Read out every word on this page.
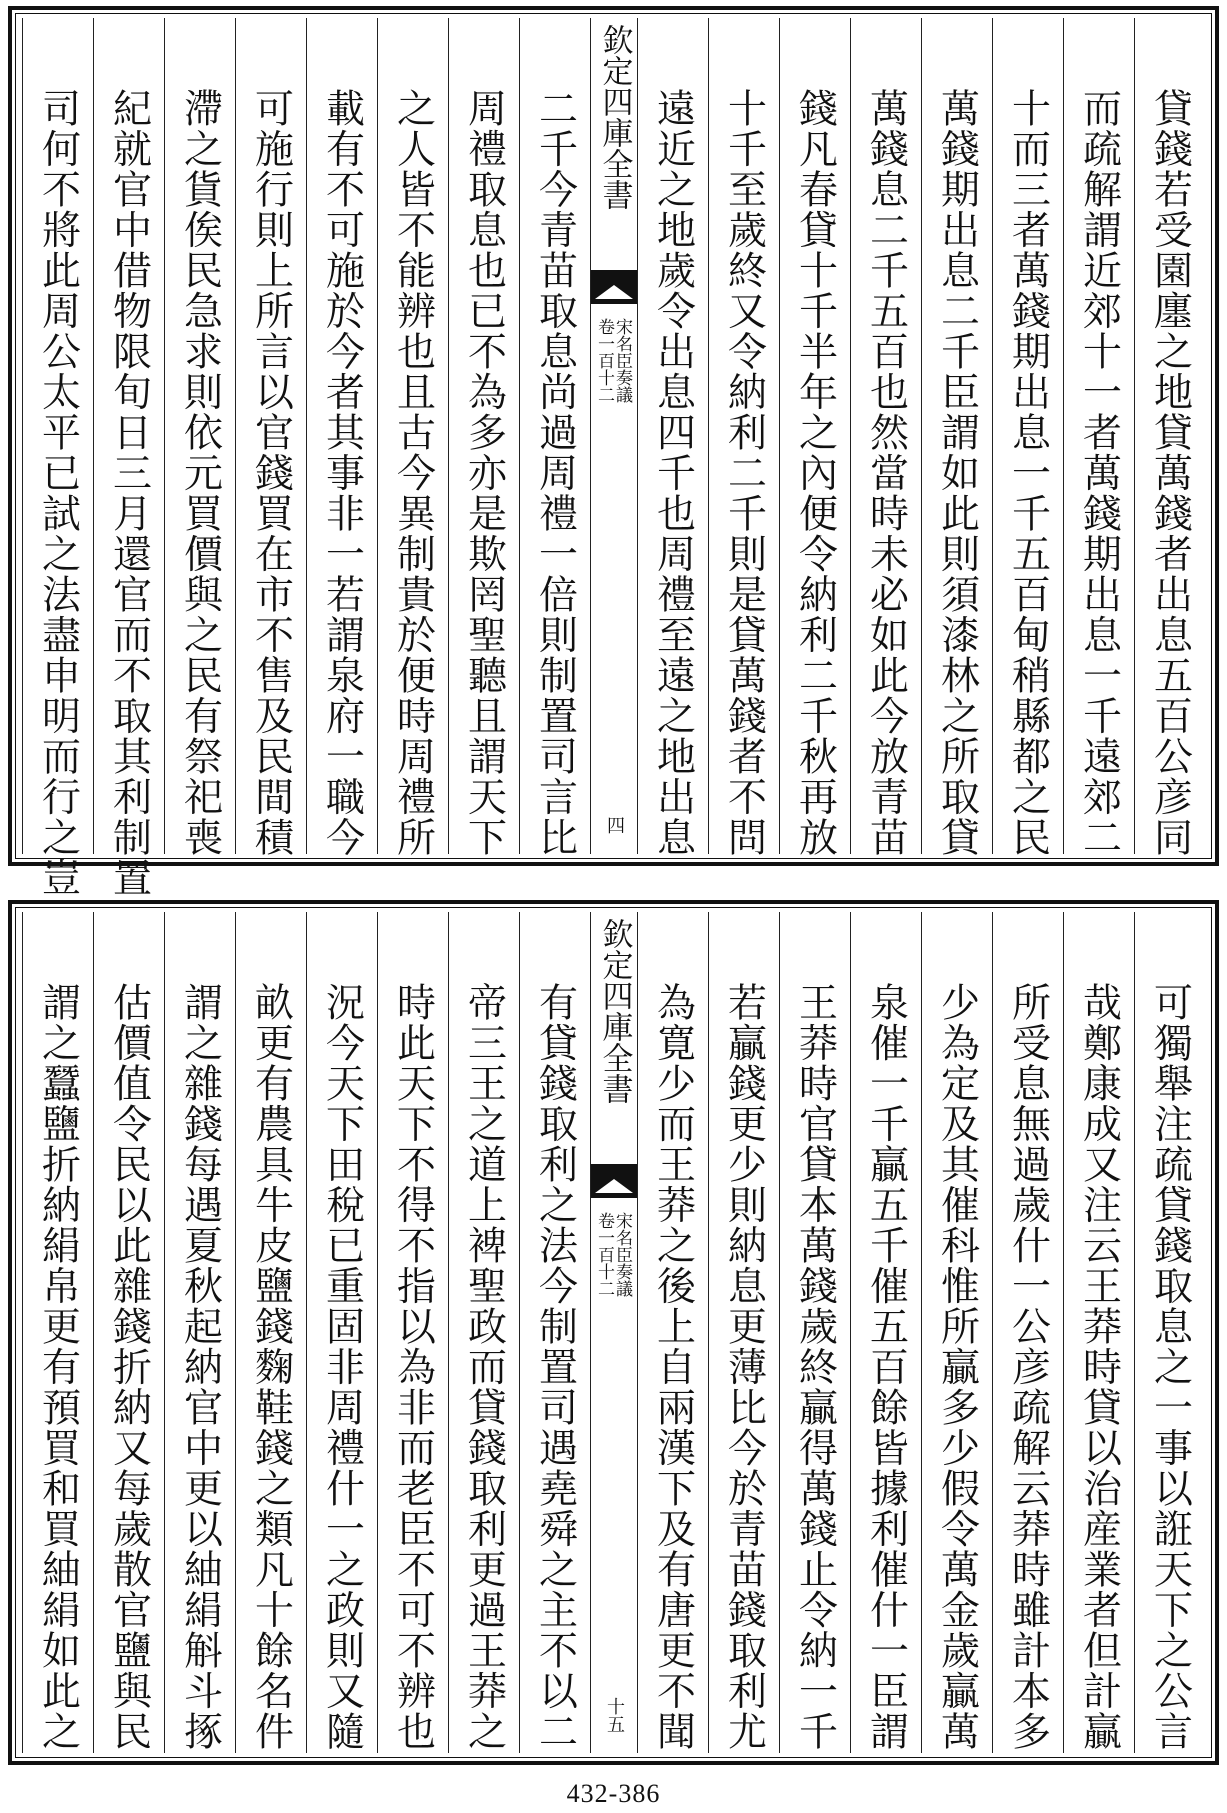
貸錢若受園廛之地貸萬錢者出息五百公彦同
而疏解謂近郊十一者萬錢期出息一千遠郊二
十而三者萬錢期出息一千五百甸稍縣都之民
萬錢期出息二千臣謂如此則須漆林之所取貸
萬錢息二千五百也然當時未必如此今放青苗
錢凡春貸十千半年之內便令納利二千秋再放
十千至歲終又令納利二千則是貸萬錢者不問
遠近之地歲令出息四千也周禮至遠之地出息
欽定四庫全書
宋名臣奏議
卷一百十二
四
二千今青苗取息尚過周禮一倍則制置司言比
周禮取息也已不為多亦是欺罔聖聽且謂天下
之人皆不能辨也且古今異制貴於便時周禮所
載有不可施於今者其事非一若謂泉府一職今
可施行則上所言以官錢買在市不售及民間積
滯之貨俟民急求則依元買價與之民有祭祀喪
紀就官中借物限旬日三月還官而不取其利制置
司何不將此周公太平已試之法盡申明而行之豈
可獨舉注疏貸錢取息之一事以誑天下之公言
哉鄭康成又注云王莽時貸以治産業者但計贏
所受息無過歲什一公彦疏解云莽時雖計本多
少為定及其催科惟所贏多少假令萬金歲贏萬
泉催一千贏五千催五百餘皆據利催什一臣謂
王莽時官貸本萬錢歲終贏得萬錢止令納一千
若贏錢更少則納息更薄比今於青苗錢取利尤
為寛少而王莽之後上自兩漢下及有唐更不聞
欽定四庫全書
宋名臣奏議
卷一百十二
十五
有貸錢取利之法今制置司遇堯舜之主不以二
帝三王之道上裨聖政而貸錢取利更過王莽之
時此天下不得不指以為非而老臣不可不辨也
況今天下田稅已重固非周禮什一之政則又隨
畝更有農具牛皮鹽錢麴鞋錢之類凡十餘名件
謂之雜錢每遇夏秋起納官中更以紬絹斛斗㧻
估價值令民以此雜錢折納又每歲散官鹽與民
謂之蠶鹽折納絹帛更有預買和買紬絹如此之
432-386
